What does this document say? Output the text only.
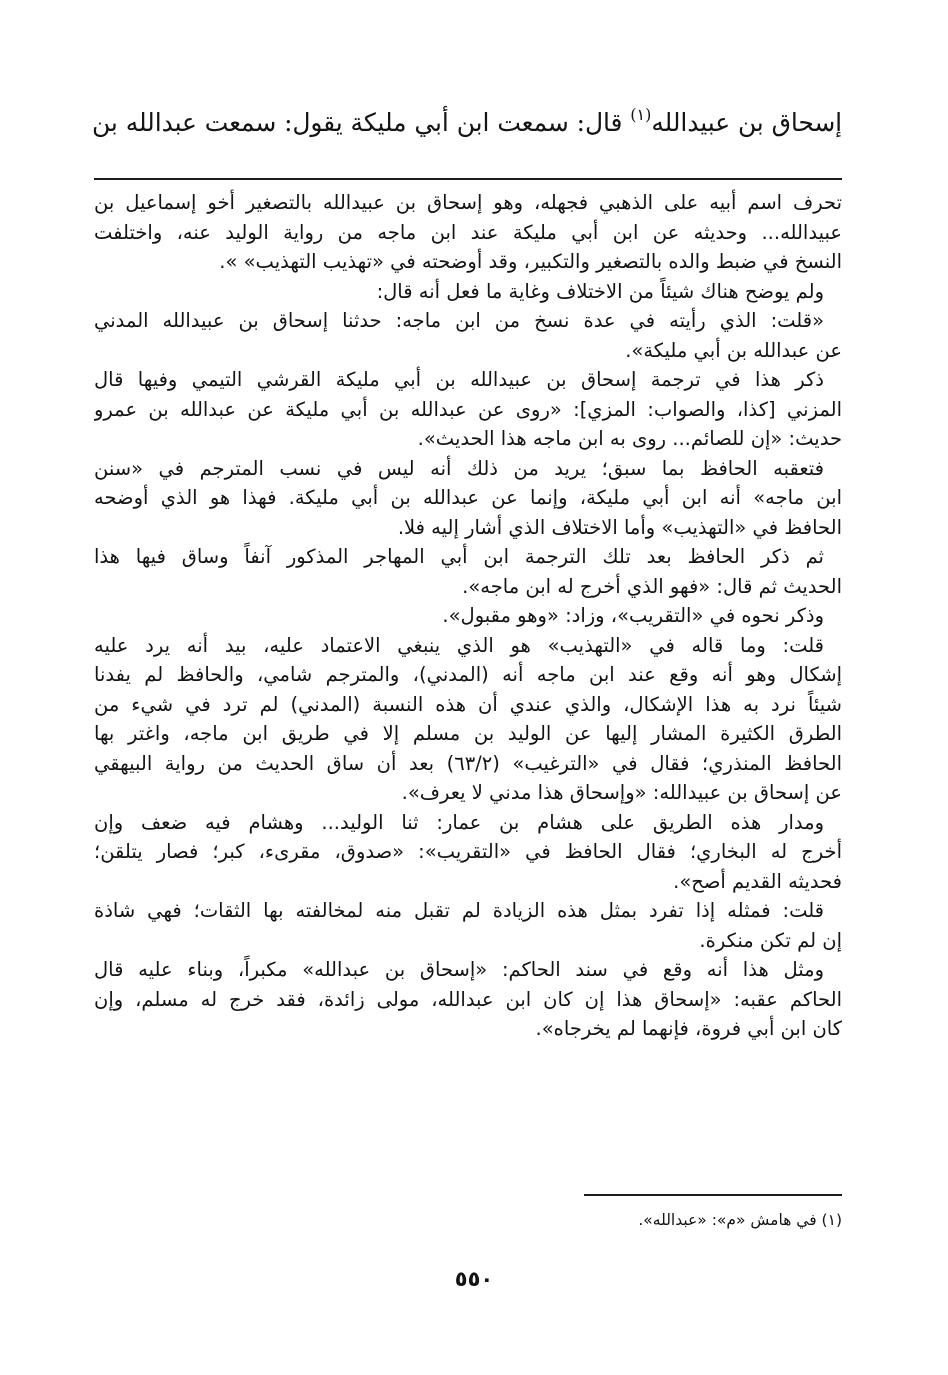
إسحاق بن عبيدالله$^{(١)}$ قال: سمعت ابن أبي مليكة يقول: سمعت عبدالله بن
تحرف اسم أبيه على الذهبي فجهله، وهو إسحاق بن عبيدالله بالتصغير أخو إسماعيل بن
عبيدالله... وحديثه عن ابن أبي مليكة عند ابن ماجه من رواية الوليد عنه، واختلفت
النسخ في ضبط والده بالتصغير والتكبير، وقد أوضحته في «تهذيب التهذيب» ».
ولم يوضح هناك شيئاً من الاختلاف وغاية ما فعل أنه قال:
«قلت: الذي رأيته في عدة نسخ من ابن ماجه: حدثنا إسحاق بن عبيدالله المدني
عن عبدالله بن أبي مليكة».
ذكر هذا في ترجمة إسحاق بن عبيدالله بن أبي مليكة القرشي التيمي وفيها قال
المزني [كذا، والصواب: المزي]: «روى عن عبدالله بن أبي مليكة عن عبدالله بن عمرو
حديث: «إن للصائم... روى به ابن ماجه هذا الحديث».
فتعقبه الحافظ بما سبق؛ يريد من ذلك أنه ليس في نسب المترجم في «سنن
ابن ماجه» أنه ابن أبي مليكة، وإنما عن عبدالله بن أبي مليكة. فهذا هو الذي أوضحه
الحافظ في «التهذيب» وأما الاختلاف الذي أشار إليه فلا.
ثم ذكر الحافظ بعد تلك الترجمة ابن أبي المهاجر المذكور آنفاً وساق فيها هذا
الحديث ثم قال: «فهو الذي أخرج له ابن ماجه».
وذكر نحوه في «التقريب»، وزاد: «وهو مقبول».
قلت: وما قاله في «التهذيب» هو الذي ينبغي الاعتماد عليه، بيد أنه يرد عليه
إشكال وهو أنه وقع عند ابن ماجه أنه (المدني)، والمترجم شامي، والحافظ لم يفدنا
شيئاً نرد به هذا الإشكال، والذي عندي أن هذه النسبة (المدني) لم ترد في شيء من
الطرق الكثيرة المشار إليها عن الوليد بن مسلم إلا في طريق ابن ماجه، واغتر بها
الحافظ المنذري؛ فقال في «الترغيب» (٦٣/٢) بعد أن ساق الحديث من رواية البيهقي
عن إسحاق بن عبيدالله: «وإسحاق هذا مدني لا يعرف».
ومدار هذه الطريق على هشام بن عمار: ثنا الوليد... وهشام فيه ضعف وإن
أخرج له البخاري؛ فقال الحافظ في «التقريب»: «صدوق، مقرىء، كبر؛ فصار يتلقن؛
فحديثه القديم أصح».
قلت: فمثله إذا تفرد بمثل هذه الزيادة لم تقبل منه لمخالفته بها الثقات؛ فهي شاذة
إن لم تكن منكرة.
ومثل هذا أنه وقع في سند الحاكم: «إسحاق بن عبدالله» مكبراً، وبناء عليه قال
الحاكم عقبه: «إسحاق هذا إن كان ابن عبدالله، مولى زائدة، فقد خرج له مسلم، وإن
كان ابن أبي فروة، فإنهما لم يخرجاه».
(١) في هامش «م»: «عبدالله».
٥٥٠
